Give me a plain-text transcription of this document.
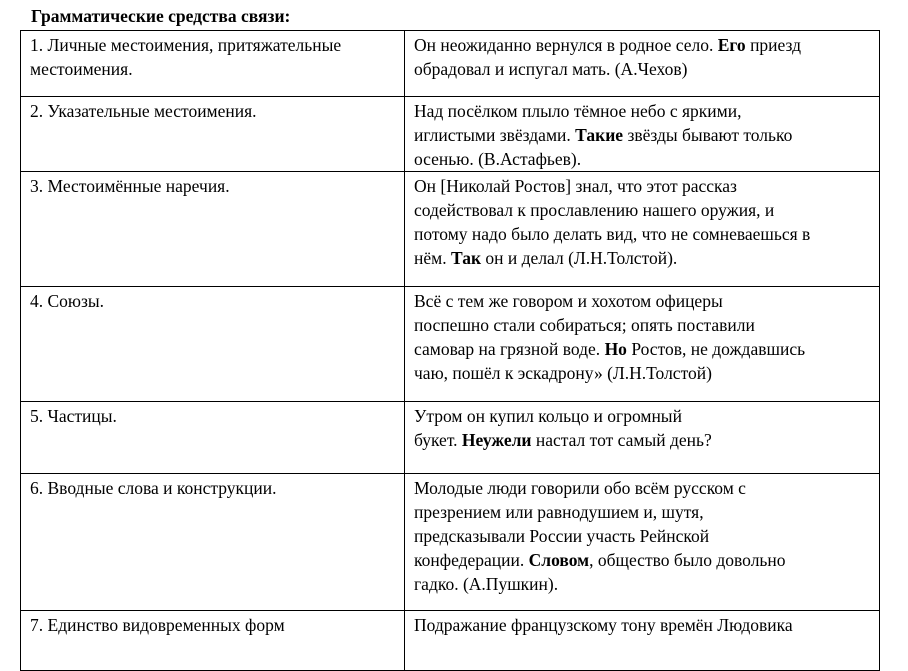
Грамматические средства связи:
1. Личные местоимения, притяжательные
местоимения.	Он неожиданно вернулся в родное село. Его приезд
обрадовал и испугал мать. (А.Чехов)
2. Указательные местоимения.	Над посёлком плыло тёмное небо с яркими,
иглистыми звёздами. Такие звёзды бывают только
осенью. (В.Астафьев).
3. Местоимённые наречия.	Он [Николай Ростов] знал, что этот рассказ
содействовал к прославлению нашего оружия, и
потому надо было делать вид, что не сомневаешься в
нём. Так он и делал (Л.Н.Толстой).
4. Союзы.	Всё с тем же говором и хохотом офицеры
поспешно стали собираться; опять поставили
самовар на грязной воде. Но Ростов, не дождавшись
чаю, пошёл к эскадрону» (Л.Н.Толстой)
5. Частицы.	Утром он купил кольцо и огромный
букет. Неужели настал тот самый день?
6. Вводные слова и конструкции.	Молодые люди говорили обо всём русском с
презрением или равнодушием и, шутя,
предсказывали России участь Рейнской
конфедерации. Словом, общество было довольно
гадко. (А.Пушкин).
7. Единство видовременных форм	Подражание французскому тону времён Людовика
